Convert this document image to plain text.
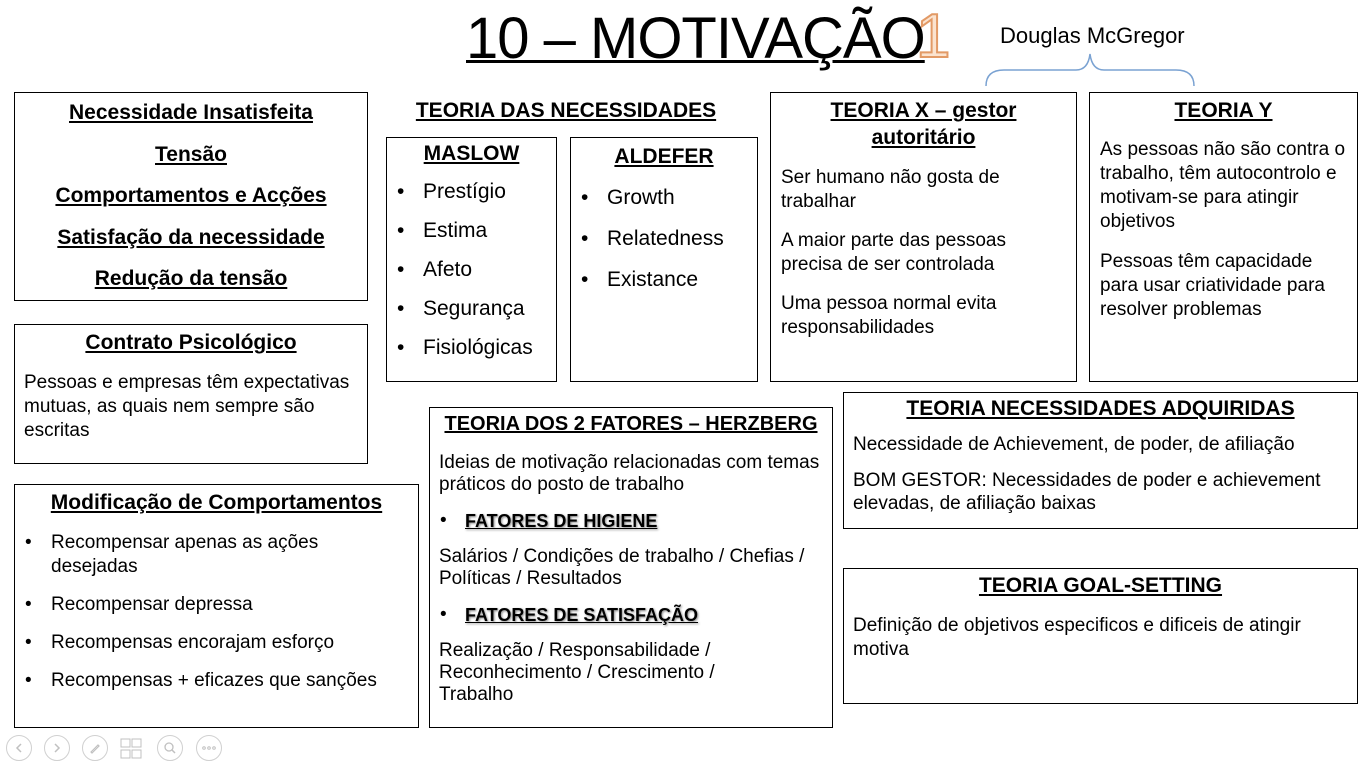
10 – MOTIVAÇÃO
1 Douglas McGregor
Necessidade Insatisfeita
Tensão
Comportamentos e Acções
Satisfação da necessidade
Redução da tensão
Contrato Psicológico
Pessoas e empresas têm expectativas mutuas, as quais nem sempre são escritas
Modificação de Comportamentos
• Recompensar apenas as ações desejadas
• Recompensar depressa
• Recompensas encorajam esforço
• Recompensas + eficazes que sanções
TEORIA DAS NECESSIDADES
MASLOW
• Prestígio
• Estima
• Afeto
• Segurança
• Fisiológicas
ALDEFER
• Growth
• Relatedness
• Existance
TEORIA DOS 2 FATORES – HERZBERG
Ideias de motivação relacionadas com temas práticos do posto de trabalho
• FATORES DE HIGIENE
Salários / Condições de trabalho / Chefias / Políticas / Resultados
• FATORES DE SATISFAÇÃO
Realização / Responsabilidade / Reconhecimento / Crescimento / Trabalho
TEORIA X – gestor autoritário
Ser humano não gosta de trabalhar
A maior parte das pessoas precisa de ser controlada
Uma pessoa normal evita responsabilidades
TEORIA Y
As pessoas não são contra o trabalho, têm autocontrolo e motivam-se para atingir objetivos
Pessoas têm capacidade para usar criatividade para resolver problemas
TEORIA NECESSIDADES ADQUIRIDAS
Necessidade de Achievement, de poder, de afiliação
BOM GESTOR: Necessidades de poder e achievement elevadas, de afiliação baixas
TEORIA GOAL-SETTING
Definição de objetivos especificos e dificeis de atingir motiva
